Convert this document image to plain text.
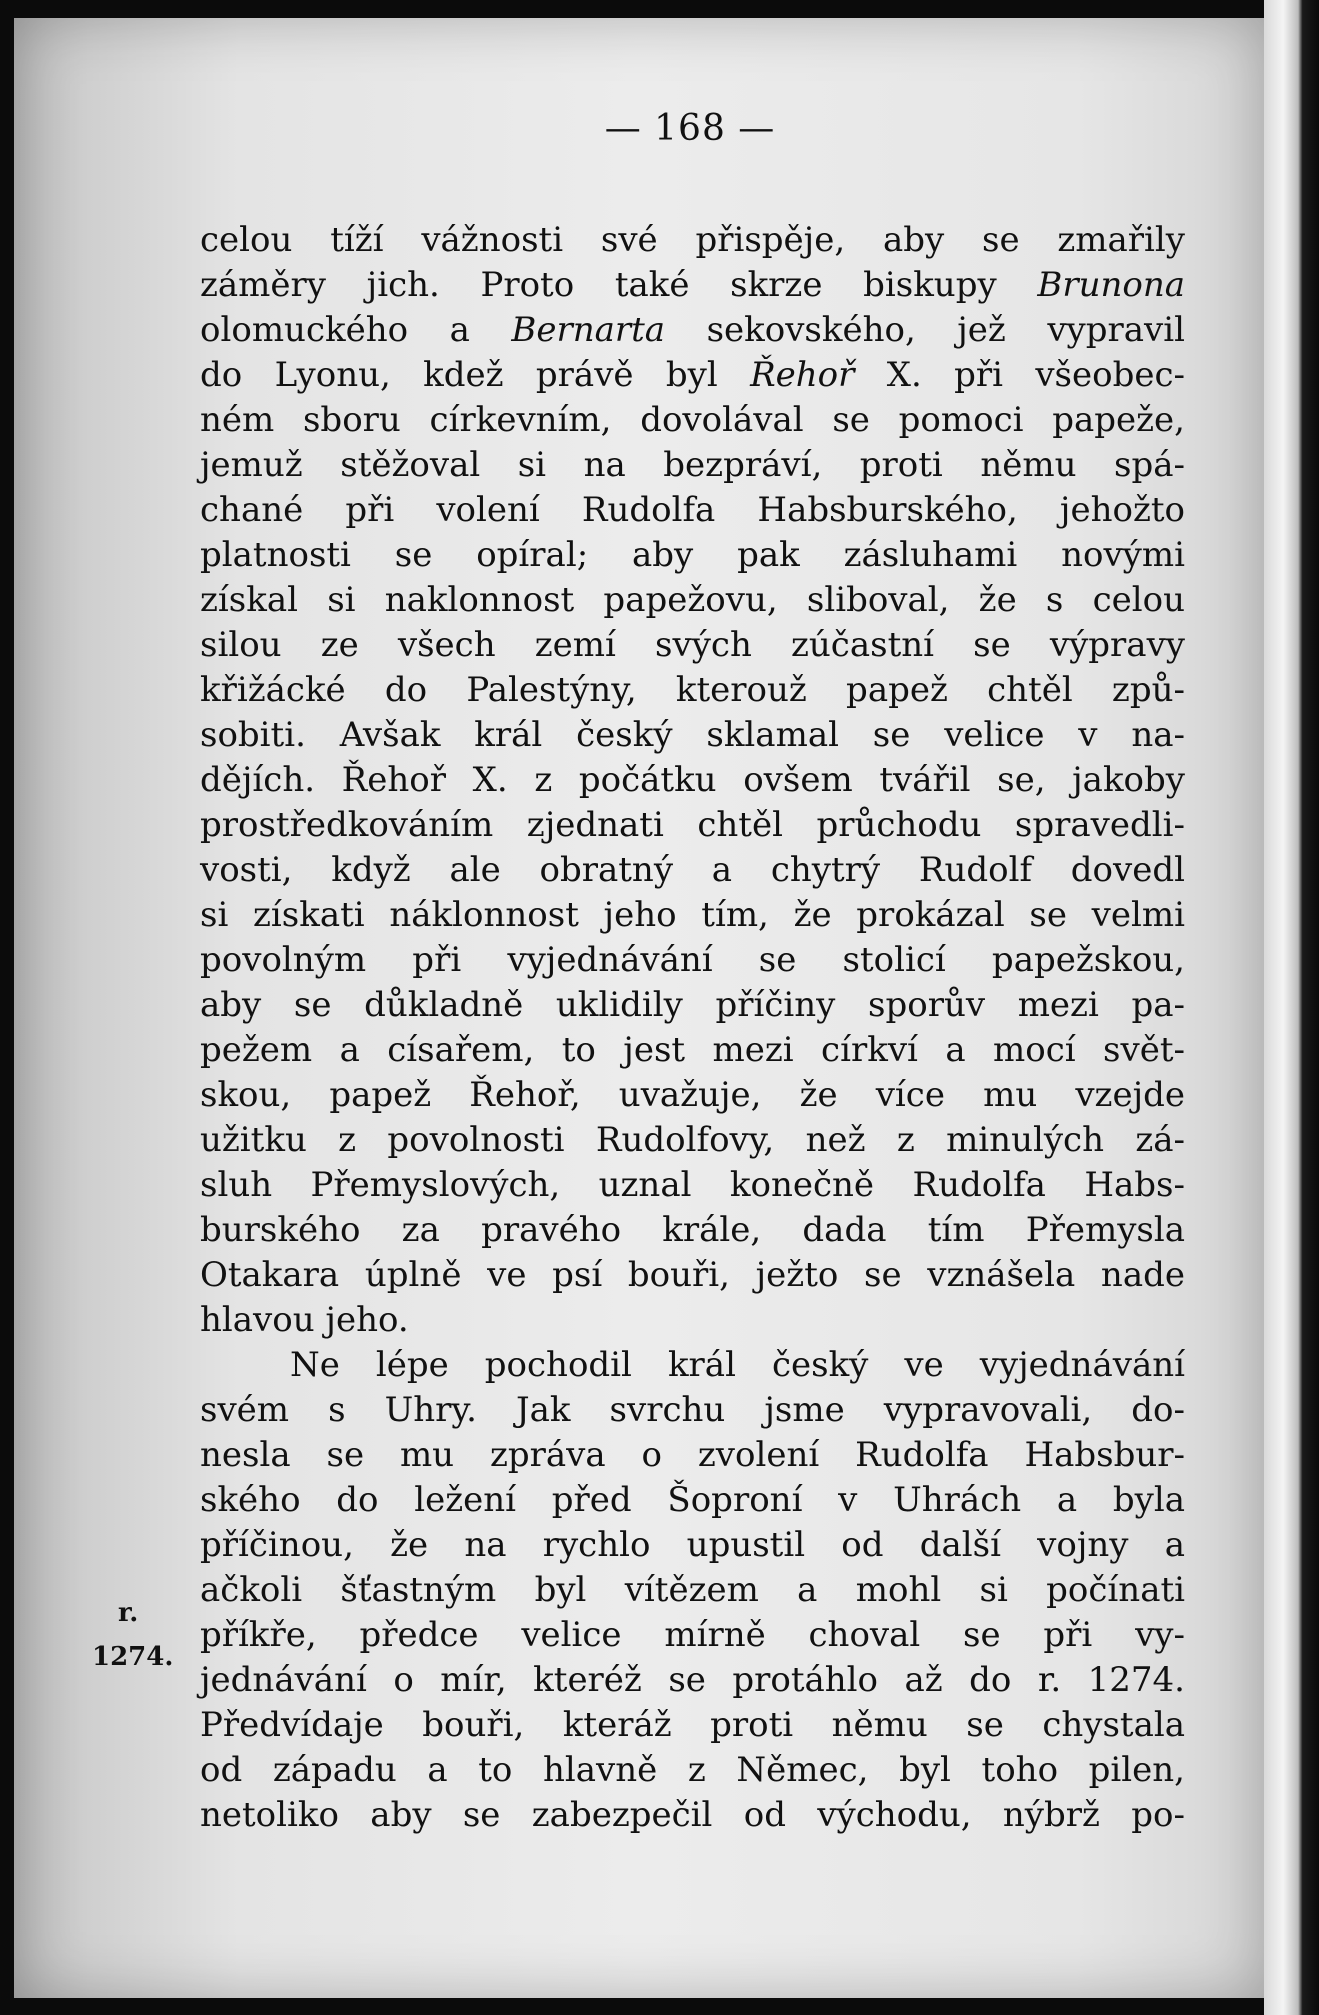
— 168 —
celou tíží vážnosti své přispěje, aby se zmařily
záměry jich. Proto také skrze biskupy Brunona
olomuckého a Bernarta sekovského, jež vypravil
do Lyonu, kdež právě byl Řehoř X. při všeobec-
ném sboru církevním, dovolával se pomoci papeže,
jemuž stěžoval si na bezpráví, proti němu spá-
chané při volení Rudolfa Habsburského, jehožto
platnosti se opíral; aby pak zásluhami novými
získal si naklonnost papežovu, sliboval, že s celou
silou ze všech zemí svých zúčastní se výpravy
křižácké do Palestýny, kterouž papež chtěl způ-
sobiti. Avšak král český sklamal se velice v na-
dějích. Řehoř X. z počátku ovšem tvářil se, jakoby
prostředkováním zjednati chtěl průchodu spravedli-
vosti, když ale obratný a chytrý Rudolf dovedl
si získati náklonnost jeho tím, že prokázal se velmi
povolným při vyjednávání se stolicí papežskou,
aby se důkladně uklidily příčiny sporův mezi pa-
pežem a císařem, to jest mezi církví a mocí svět-
skou, papež Řehoř, uvažuje, že více mu vzejde
užitku z povolnosti Rudolfovy, než z minulých zá-
sluh Přemyslových, uznal konečně Rudolfa Habs-
burského za pravého krále, dada tím Přemysla
Otakara úplně ve psí bouři, ježto se vznášela nade
hlavou jeho.
Ne lépe pochodil král český ve vyjednávání
svém s Uhry. Jak svrchu jsme vypravovali, do-
nesla se mu zpráva o zvolení Rudolfa Habsbur-
ského do ležení před Šoproní v Uhrách a byla
příčinou, že na rychlo upustil od další vojny a
ačkoli šťastným byl vítězem a mohl si počínati
příkře, předce velice mírně choval se při vy-
jednávání o mír, kteréž se protáhlo až do r. 1274.
Předvídaje bouři, kteráž proti němu se chystala
od západu a to hlavně z Němec, byl toho pilen,
netoliko aby se zabezpečil od východu, nýbrž po-
r.
1274.
